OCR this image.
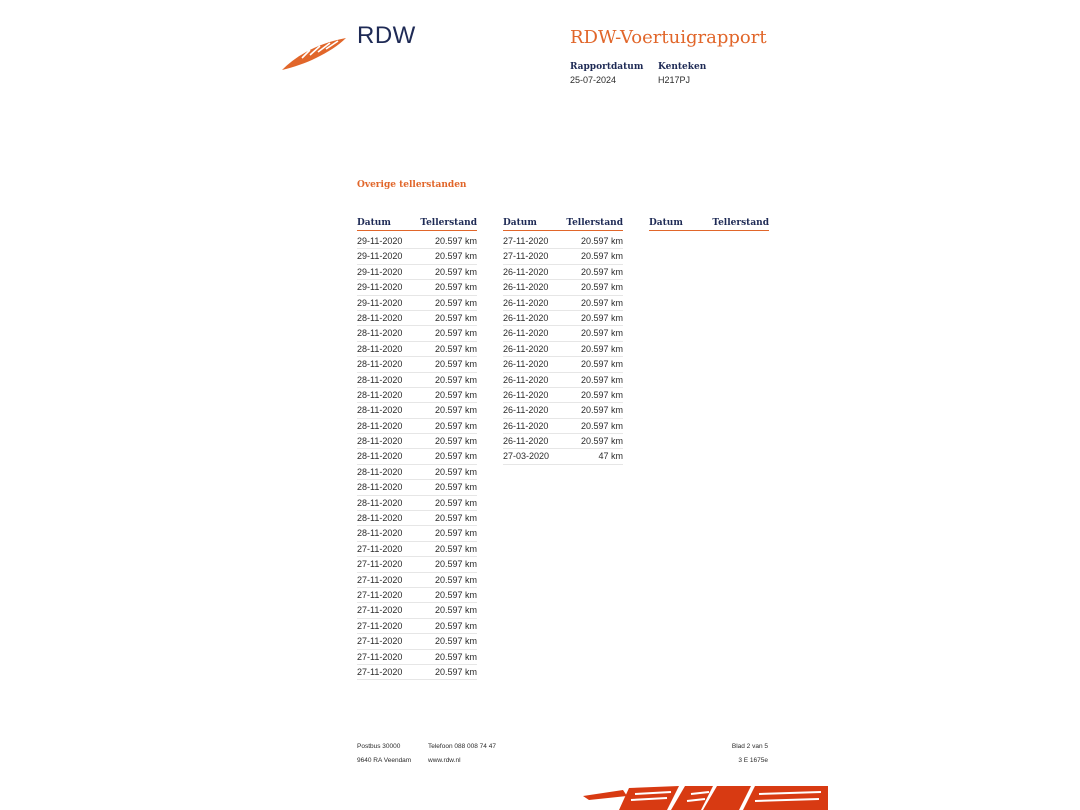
RDW	RDW-Voertuigrapport
Rapportdatum
25-07-2024
Kenteken
H217PJ
Overige tellerstanden
Datum	Tellerstand
29-11-2020	20.597 km
29-11-2020	20.597 km
29-11-2020	20.597 km
29-11-2020	20.597 km
29-11-2020	20.597 km
28-11-2020	20.597 km
28-11-2020	20.597 km
28-11-2020	20.597 km
28-11-2020	20.597 km
28-11-2020	20.597 km
28-11-2020	20.597 km
28-11-2020	20.597 km
28-11-2020	20.597 km
28-11-2020	20.597 km
28-11-2020	20.597 km
28-11-2020	20.597 km
28-11-2020	20.597 km
28-11-2020	20.597 km
28-11-2020	20.597 km
28-11-2020	20.597 km
27-11-2020	20.597 km
27-11-2020	20.597 km
27-11-2020	20.597 km
27-11-2020	20.597 km
27-11-2020	20.597 km
27-11-2020	20.597 km
27-11-2020	20.597 km
27-11-2020	20.597 km
27-11-2020	20.597 km
Datum	Tellerstand
27-11-2020	20.597 km
27-11-2020	20.597 km
26-11-2020	20.597 km
26-11-2020	20.597 km
26-11-2020	20.597 km
26-11-2020	20.597 km
26-11-2020	20.597 km
26-11-2020	20.597 km
26-11-2020	20.597 km
26-11-2020	20.597 km
26-11-2020	20.597 km
26-11-2020	20.597 km
26-11-2020	20.597 km
26-11-2020	20.597 km
27-03-2020	47 km
Datum	Tellerstand
Postbus 30000
9640 RA Veendam
Telefoon 088 008 74 47
www.rdw.nl
Blad 2 van 5
3 E 1675e
